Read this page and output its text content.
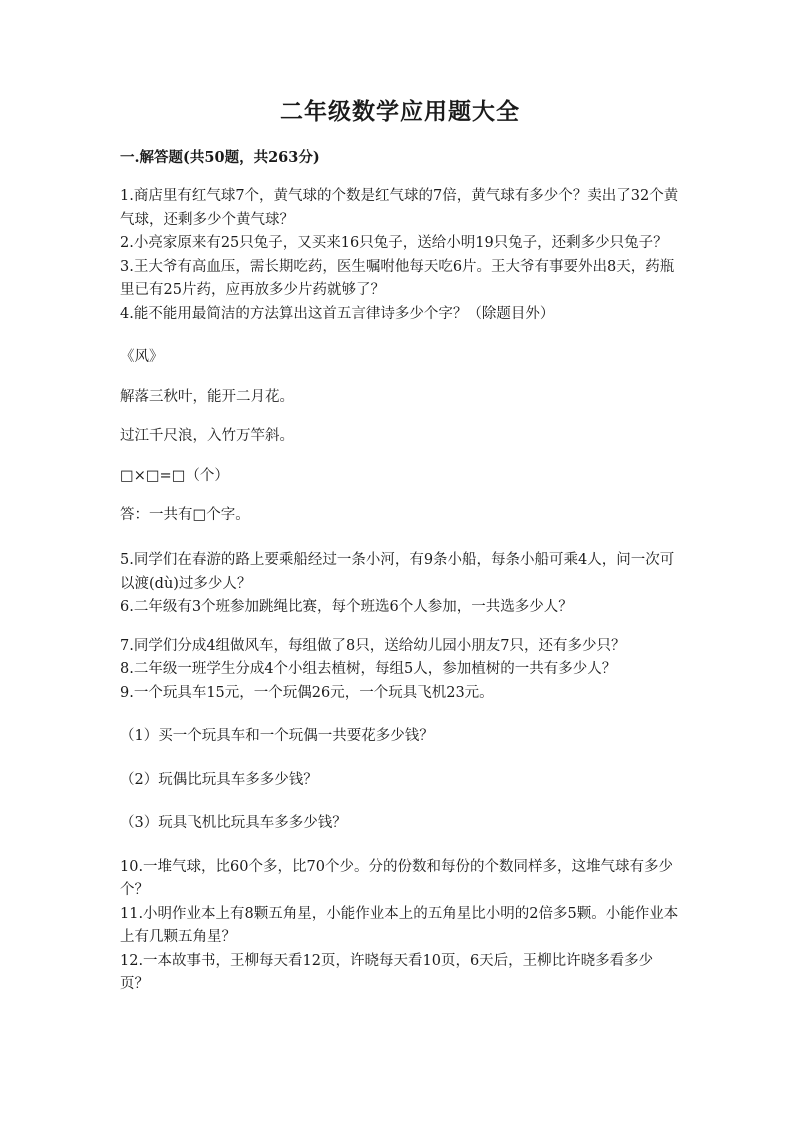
二年级数学应用题大全
一.解答题(共50题，共263分)

1.商店里有红气球7个，黄气球的个数是红气球的7倍，黄气球有多少个？卖出了32个黄气球，还剩多少个黄气球？

2.小亮家原来有25只兔子，又买来16只兔子，送给小明19只兔子，还剩多少只兔子？

3.王大爷有高血压，需长期吃药，医生嘱咐他每天吃6片。王大爷有事要外出8天，药瓶里已有25片药，应再放多少片药就够了？

4.能不能用最简洁的方法算出这首五言律诗多少个字？（除题目外）

《风》

解落三秋叶，能开二月花。

过江千尺浪，入竹万竿斜。

□×□=□（个）

答：一共有□个字。

5.同学们在春游的路上要乘船经过一条小河，有9条小船，每条小船可乘4人，问一次可以渡(dù)过多少人？

6.二年级有3个班参加跳绳比赛，每个班选6个人参加，一共选多少人？

7.同学们分成4组做风车，每组做了8只，送给幼儿园小朋友7只，还有多少只？

8.二年级一班学生分成4个小组去植树，每组5人，参加植树的一共有多少人？

9.一个玩具车15元，一个玩偶26元，一个玩具飞机23元。

（1）买一个玩具车和一个玩偶一共要花多少钱？

（2）玩偶比玩具车多多少钱？

（3）玩具飞机比玩具车多多少钱？

10.一堆气球，比60个多，比70个少。分的份数和每份的个数同样多，这堆气球有多少个？

11.小明作业本上有8颗五角星，小能作业本上的五角星比小明的2倍多5颗。小能作业本上有几颗五角星？

12.一本故事书，王柳每天看12页，许晓每天看10页，6天后，王柳比许晓多看多少页？
